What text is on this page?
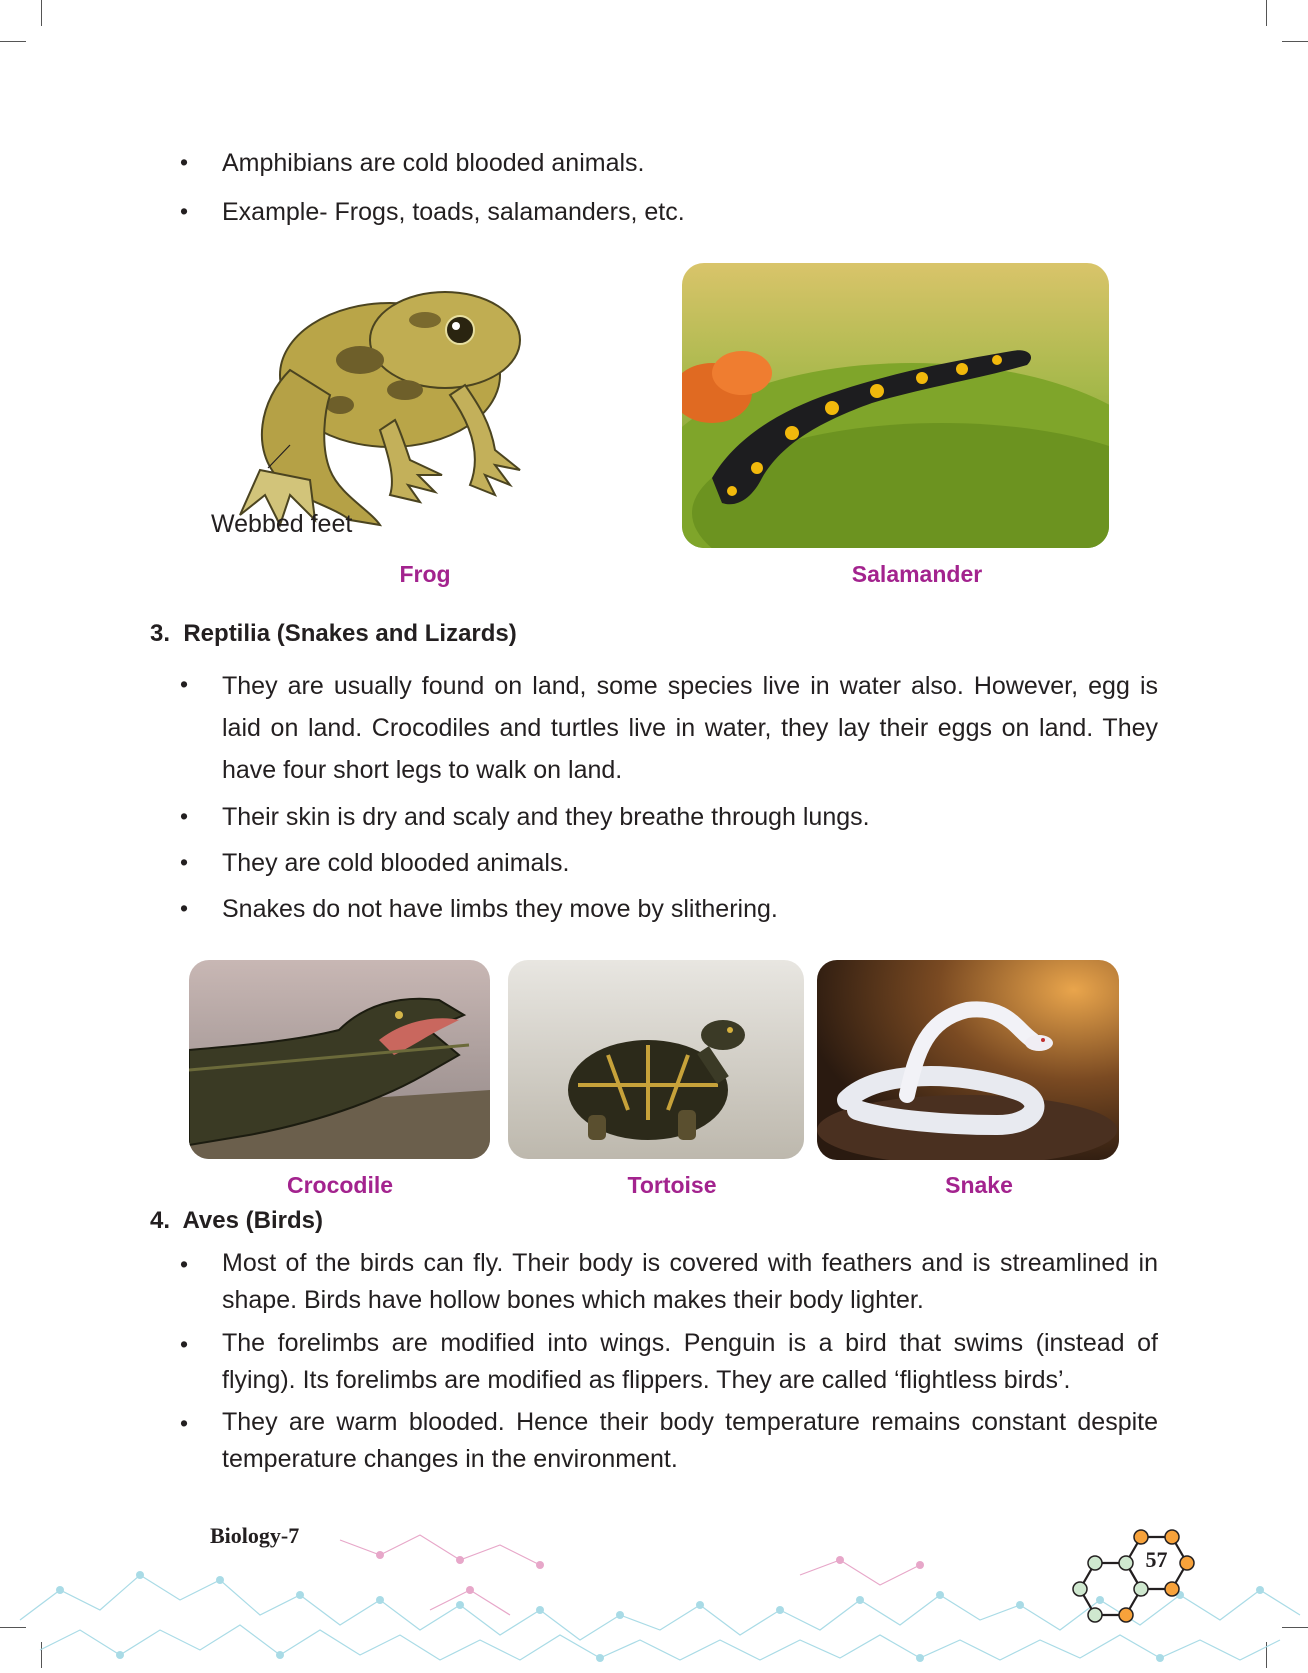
• Amphibians are cold blooded animals.
• Example- Frogs, toads, salamanders, etc.
Webbed feet
Frog	Salamander
3.  Reptilia (Snakes and Lizards)
• They are usually found on land, some species live in water also. However, egg is laid on land. Crocodiles and turtles live in water, they lay their eggs on land. They have four short legs to walk on land.
• Their skin is dry and scaly and they breathe through lungs.
• They are cold blooded animals.
• Snakes do not have limbs they move by slithering.
Crocodile	Tortoise	Snake
4.  Aves (Birds)
• Most of the birds can fly. Their body is covered with feathers and is streamlined in shape. Birds have hollow bones which makes their body lighter.
• The forelimbs are modified into wings. Penguin is a bird that swims (instead of flying). Its forelimbs are modified as flippers. They are called ‘flightless birds’.
• They are warm blooded. Hence their body temperature remains constant despite temperature changes in the environment.
Biology-7
57
